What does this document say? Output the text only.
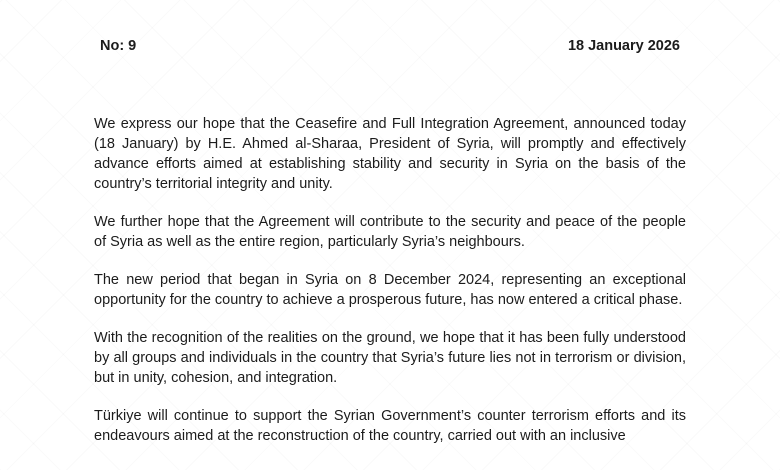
No: 9	18 January 2026

We express our hope that the Ceasefire and Full Integration Agreement, announced today (18 January) by H.E. Ahmed al-Sharaa, President of Syria, will promptly and effectively advance efforts aimed at establishing stability and security in Syria on the basis of the country’s territorial integrity and unity.

We further hope that the Agreement will contribute to the security and peace of the people of Syria as well as the entire region, particularly Syria’s neighbours.

The new period that began in Syria on 8 December 2024, representing an exceptional opportunity for the country to achieve a prosperous future, has now entered a critical phase.

With the recognition of the realities on the ground, we hope that it has been fully understood by all groups and individuals in the country that Syria’s future lies not in terrorism or division, but in unity, cohesion, and integration.

Türkiye will continue to support the Syrian Government’s counter terrorism efforts and its endeavours aimed at the reconstruction of the country, carried out with an inclusive
